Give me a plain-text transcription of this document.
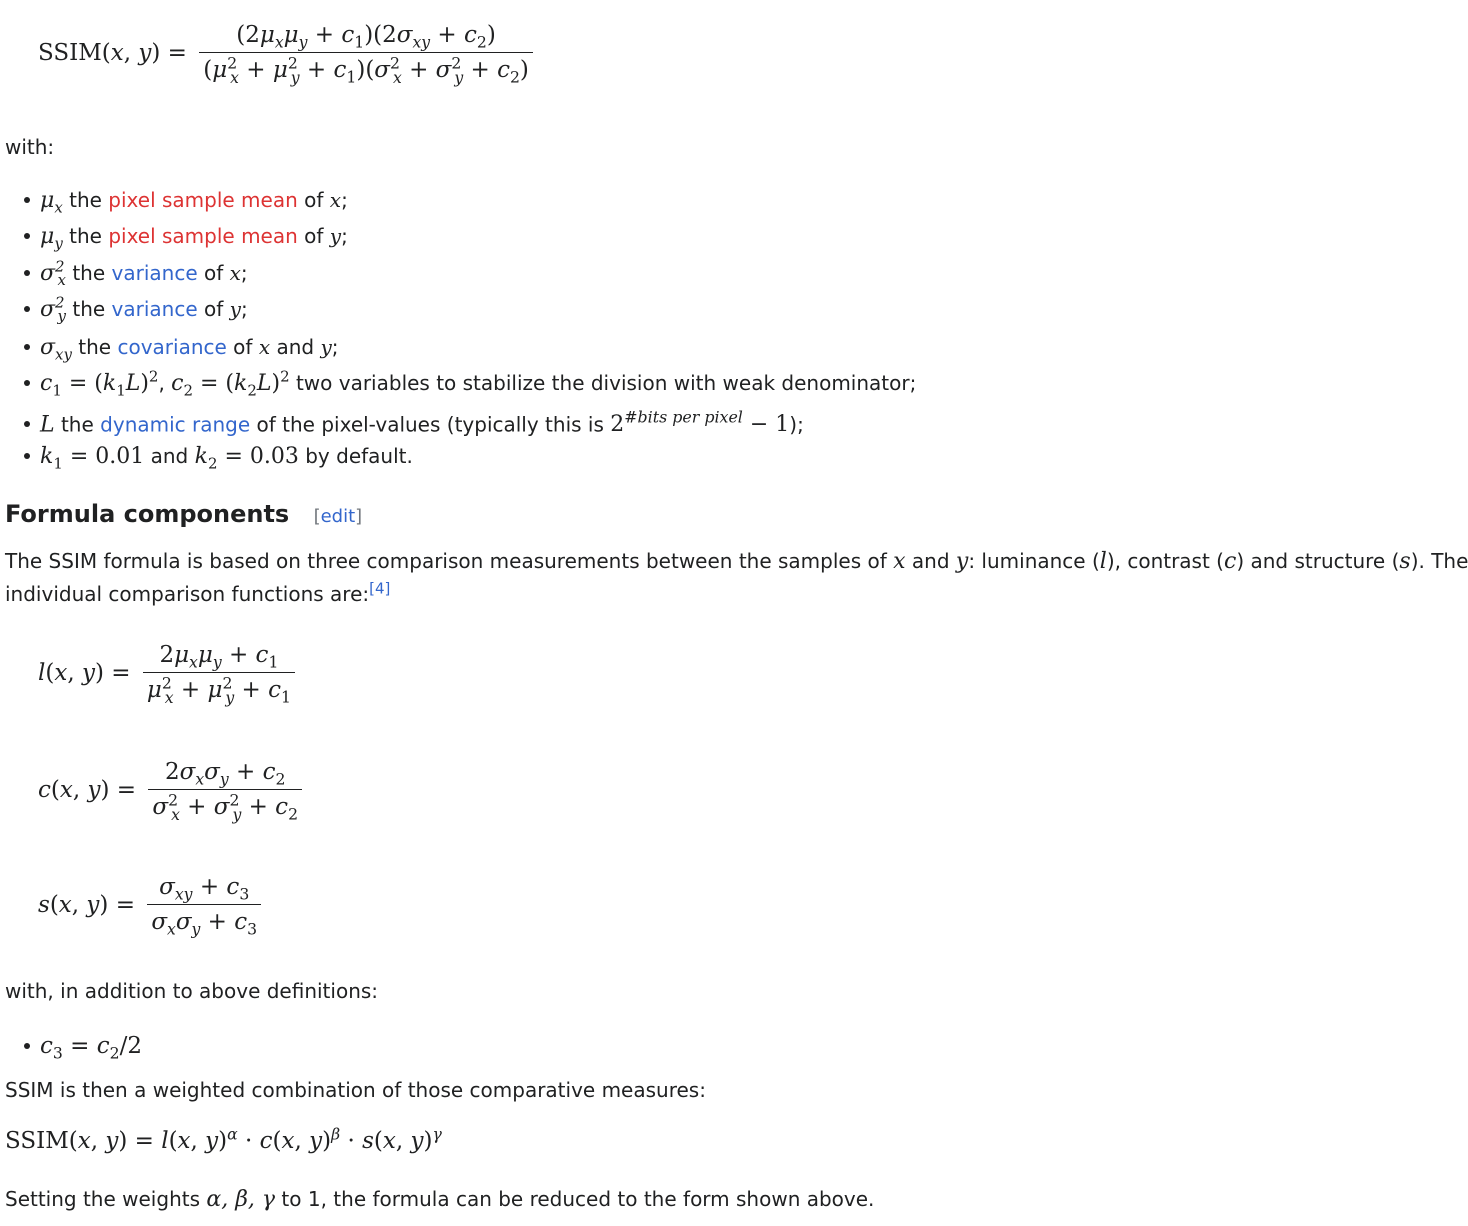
SSIM(x, $y) = \frac{(2\mu_x\mu_y + c_1)(2\sigma_{xy} + c_2)}{(\mu^2_x + \mu^2_y + c_1)(\sigma^2_x + \sigma^2_y + c_2)}$
with:
$\mu_x$ the pixel sample mean of x;
$\mu_y$ the pixel sample mean of y;
$\sigma^2_x$ the variance of x;
$\sigma^2_y$ the variance of y;
$\sigma_{xy}$ the covariance of x and y;
$c_1 = (k_1L)^2$, $c_2 = (k_2L)^2$ two variables to stabilize the division with weak denominator;
L the dynamic range of the pixel-values (typically this is $2^{\#bits per pixel} - 1$);
$k_1 = 0.01$ and $k_2 = 0.03$ by default.
Formula components [edit]
The SSIM formula is based on three comparison measurements between the samples of x and y: luminance (l), contrast (c) and structure (s). The
individual comparison functions are:[4]
l(x, $y) = \frac{2\mu_x\mu_y + c_1}{\mu^2_x + \mu^2_y + c_1}$
c(x, $y) = \frac{2\sigma_x\sigma_y + c_2}{\sigma^2_x + \sigma^2_y + c_2}$
s(x, $y) = \frac{\sigma_{xy} + c_3}{\sigma_x\sigma_y + c_3}$
with, in addition to above definitions:
$c_3 = c_2/2$
SSIM is then a weighted combination of those comparative measures:
SSIM(x, y) = l(x, y)$^\alpha$ · c(x, y)$^\beta$ · s(x, y)$^\gamma$
Setting the weights α, β, γ to 1, the formula can be reduced to the form shown above.
